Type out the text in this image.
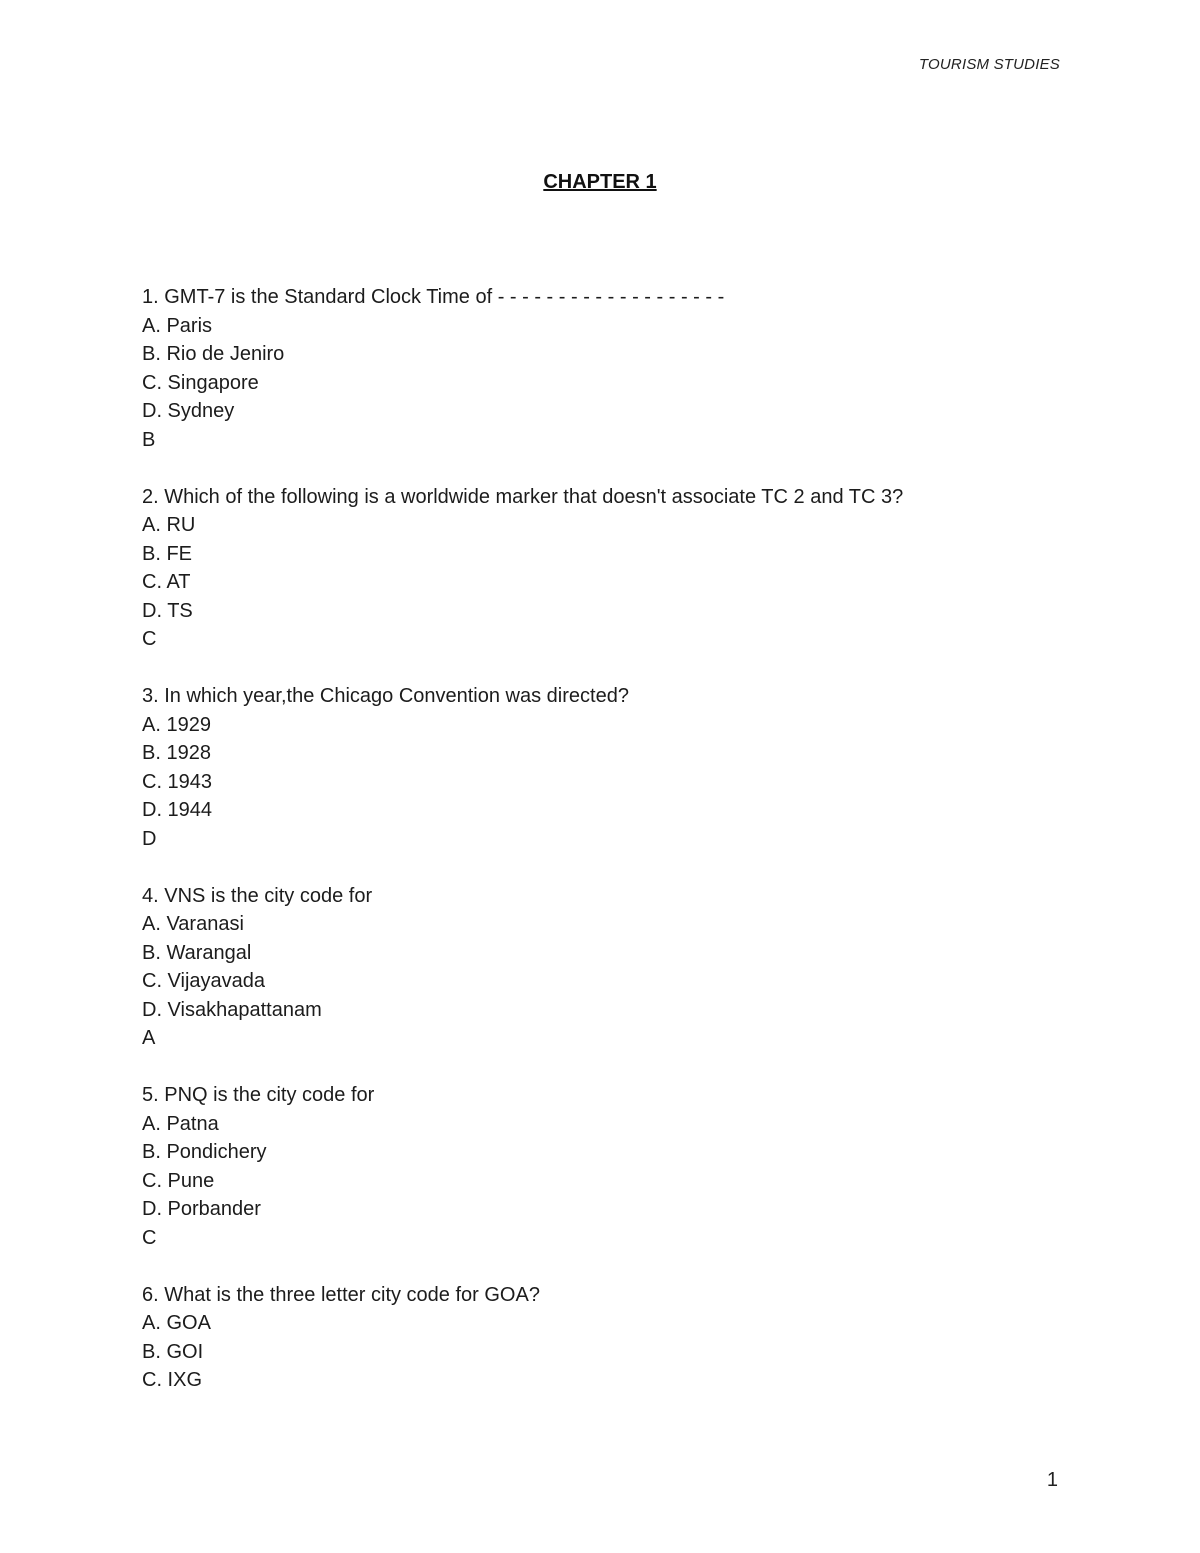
TOURISM STUDIES
CHAPTER 1
1. GMT-7 is the Standard Clock Time of - - - - - - - - - - - - - - - - - - -
A. Paris
B. Rio de Jeniro
C. Singapore
D. Sydney
B
2. Which of the following is a worldwide marker that doesn't associate TC 2 and TC 3?
A. RU
B. FE
C. AT
D. TS
C
3. In which year,the Chicago Convention was directed?
A. 1929
B. 1928
C. 1943
D. 1944
D
4. VNS is the city code for
A. Varanasi
B. Warangal
C. Vijayavada
D. Visakhapattanam
A
5. PNQ is the city code for
A. Patna
B. Pondichery
C. Pune
D. Porbander
C
6. What is the three letter city code for GOA?
A. GOA
B. GOI
C. IXG
1
